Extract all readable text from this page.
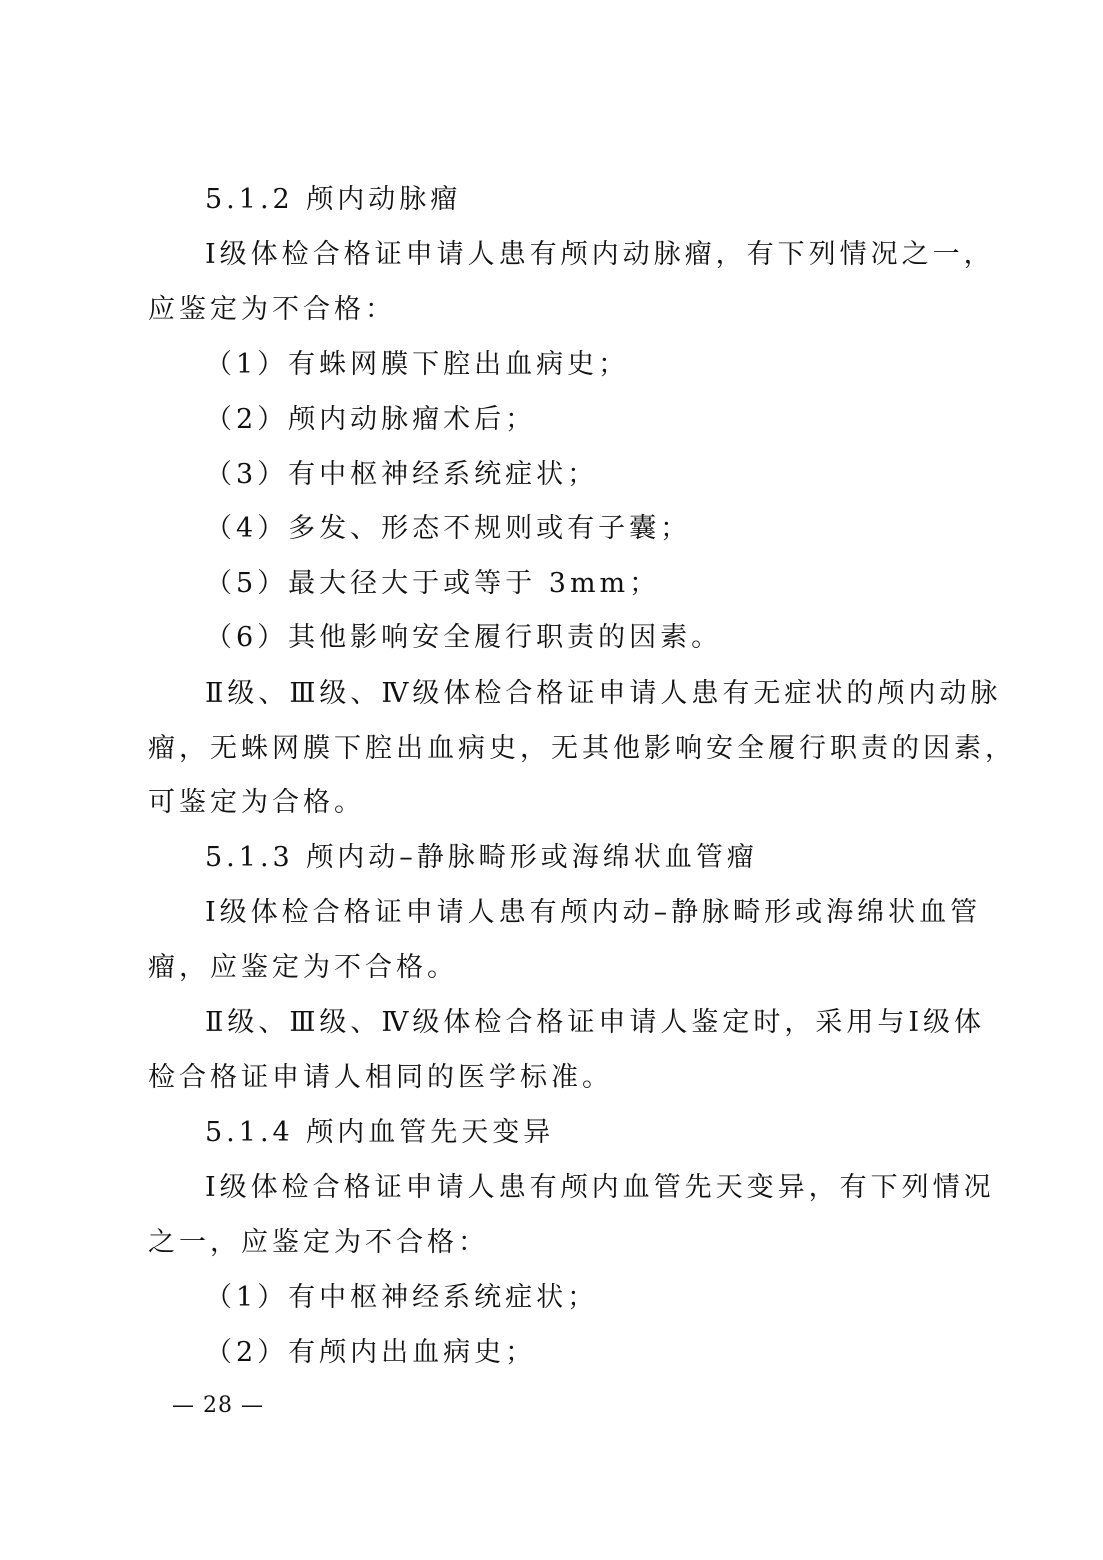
5.1.2 颅内动脉瘤
Ⅰ级体检合格证申请人患有颅内动脉瘤，有下列情况之一，
应鉴定为不合格：
（1）有蛛网膜下腔出血病史；
（2）颅内动脉瘤术后；
（3）有中枢神经系统症状；
（4）多发、形态不规则或有子囊；
（5）最大径大于或等于 3mm；
（6）其他影响安全履行职责的因素。
Ⅱ级、Ⅲ级、Ⅳ级体检合格证申请人患有无症状的颅内动脉
瘤，无蛛网膜下腔出血病史，无其他影响安全履行职责的因素，
可鉴定为合格。
5.1.3 颅内动–静脉畸形或海绵状血管瘤
Ⅰ级体检合格证申请人患有颅内动–静脉畸形或海绵状血管
瘤，应鉴定为不合格。
Ⅱ级、Ⅲ级、Ⅳ级体检合格证申请人鉴定时，采用与Ⅰ级体
检合格证申请人相同的医学标准。
5.1.4 颅内血管先天变异
Ⅰ级体检合格证申请人患有颅内血管先天变异，有下列情况
之一，应鉴定为不合格：
（1）有中枢神经系统症状；
（2）有颅内出血病史；
— 28 —
